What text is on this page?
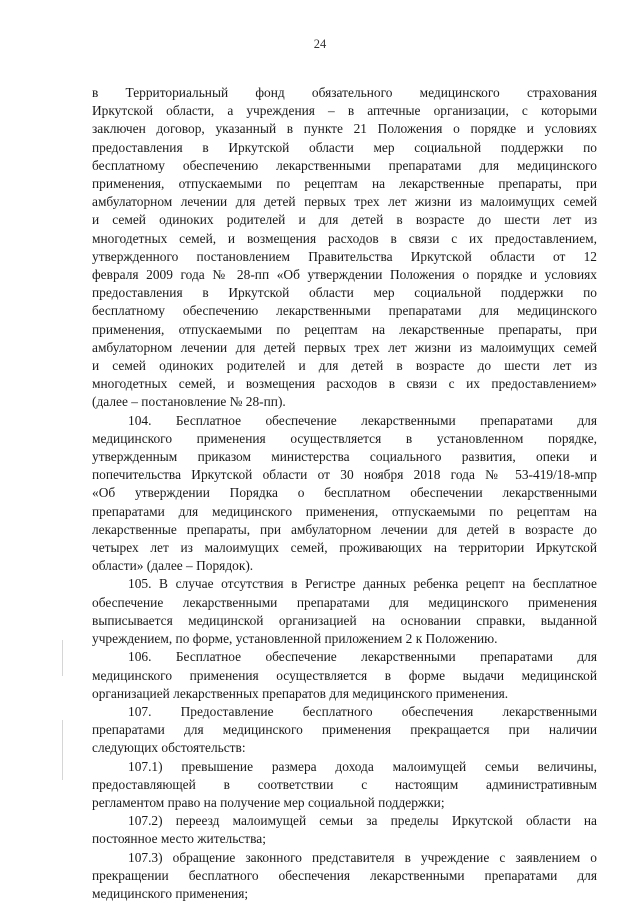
24
в Территориальный фонд обязательного медицинского страхования
Иркутской области, а учреждения – в аптечные организации, с которыми
заключен договор, указанный в пункте 21 Положения о порядке и условиях
предоставления в Иркутской области мер социальной поддержки по
бесплатному обеспечению лекарственными препаратами для медицинского
применения, отпускаемыми по рецептам на лекарственные препараты, при
амбулаторном лечении для детей первых трех лет жизни из малоимущих семей
и семей одиноких родителей и для детей в возрасте до шести лет из
многодетных семей, и возмещения расходов в связи с их предоставлением,
утвержденного постановлением Правительства Иркутской области от 12
февраля 2009 года № 28-пп «Об утверждении Положения о порядке и условиях
предоставления в Иркутской области мер социальной поддержки по
бесплатному обеспечению лекарственными препаратами для медицинского
применения, отпускаемыми по рецептам на лекарственные препараты, при
амбулаторном лечении для детей первых трех лет жизни из малоимущих семей
и семей одиноких родителей и для детей в возрасте до шести лет из
многодетных семей, и возмещения расходов в связи с их предоставлением»
(далее – постановление № 28-пп).
104. Бесплатное обеспечение лекарственными препаратами для
медицинского применения осуществляется в установленном порядке,
утвержденным приказом министерства социального развития, опеки и
попечительства Иркутской области от 30 ноября 2018 года № 53-419/18-мпр
«Об утверждении Порядка о бесплатном обеспечении лекарственными
препаратами для медицинского применения, отпускаемыми по рецептам на
лекарственные препараты, при амбулаторном лечении для детей в возрасте до
четырех лет из малоимущих семей, проживающих на территории Иркутской
области» (далее – Порядок).
105. В случае отсутствия в Регистре данных ребенка рецепт на бесплатное
обеспечение лекарственными препаратами для медицинского применения
выписывается медицинской организацией на основании справки, выданной
учреждением, по форме, установленной приложением 2 к Положению.
106. Бесплатное обеспечение лекарственными препаратами для
медицинского применения осуществляется в форме выдачи медицинской
организацией лекарственных препаратов для медицинского применения.
107. Предоставление бесплатного обеспечения лекарственными
препаратами для медицинского применения прекращается при наличии
следующих обстоятельств:
107.1) превышение размера дохода малоимущей семьи величины,
предоставляющей в соответствии с настоящим административным
регламентом право на получение мер социальной поддержки;
107.2) переезд малоимущей семьи за пределы Иркутской области на
постоянное место жительства;
107.3) обращение законного представителя в учреждение с заявлением о
прекращении бесплатного обеспечения лекарственными препаратами для
медицинского применения;
